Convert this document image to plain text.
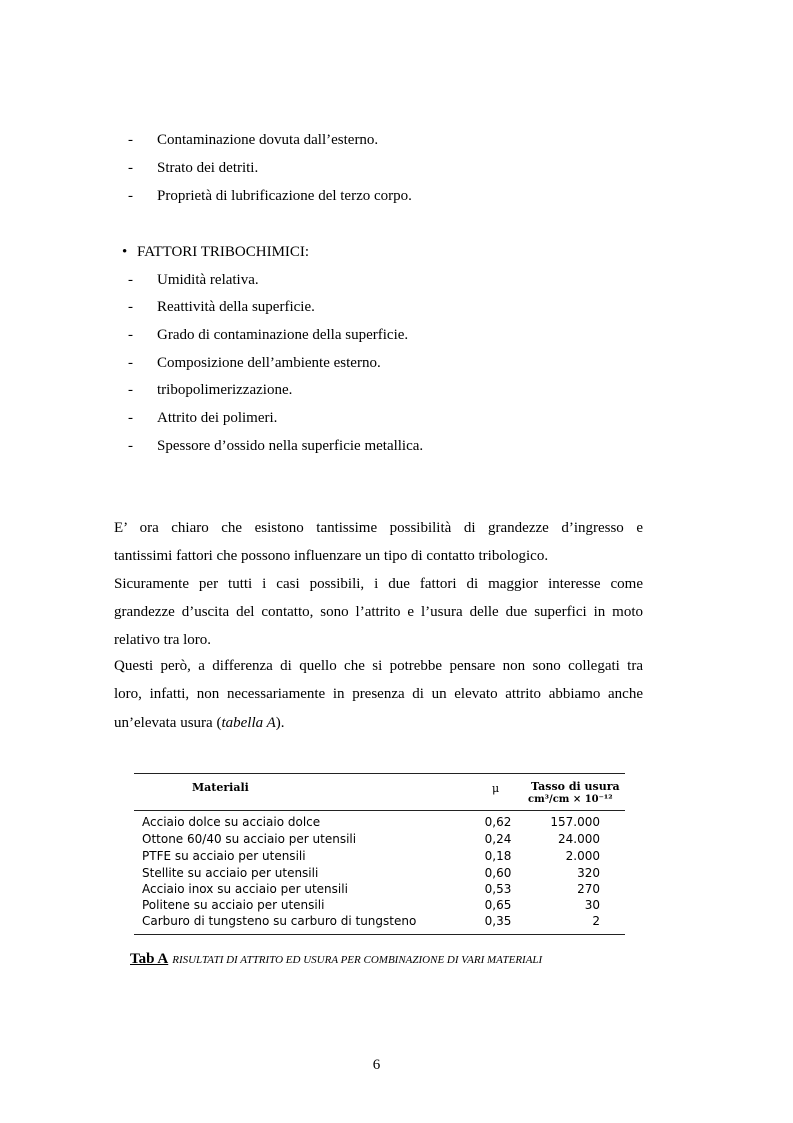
- Contaminazione dovuta dall’esterno.
- Strato dei detriti.
- Proprietà di lubrificazione del terzo corpo.
• FATTORI TRIBOCHIMICI:
- Umidità relativa.
- Reattività della superficie.
- Grado di contaminazione della superficie.
- Composizione dell’ambiente esterno.
- tribopolimerizzazione.
- Attrito dei polimeri.
- Spessore d’ossido nella superficie metallica.
E’ ora chiaro che esistono tantissime possibilità di grandezze d’ingresso e
tantissimi fattori che possono influenzare un tipo di contatto tribologico.
Sicuramente per tutti i casi possibili, i due fattori di maggior interesse come
grandezze d’uscita del contatto, sono l’attrito e l’usura delle due superfici in moto
relativo tra loro.
Questi però, a differenza di quello che si potrebbe pensare non sono collegati tra
loro, infatti, non necessariamente in presenza di un elevato attrito abbiamo anche
un’elevata usura (tabella A).
Materiali	μ	Tasso di usura
cm³/cm × 10⁻¹²
Acciaio dolce su acciaio dolce	0,62	157.000
Ottone 60/40 su acciaio per utensili	0,24	24.000
PTFE su acciaio per utensili	0,18	2.000
Stellite su acciaio per utensili	0,60	320
Acciaio inox su acciaio per utensili	0,53	270
Politene su acciaio per utensili	0,65	30
Carburo di tungsteno su carburo di tungsteno	0,35	2
Tab A RISULTATI DI ATTRITO ED USURA PER COMBINAZIONE DI VARI MATERIALI
6
